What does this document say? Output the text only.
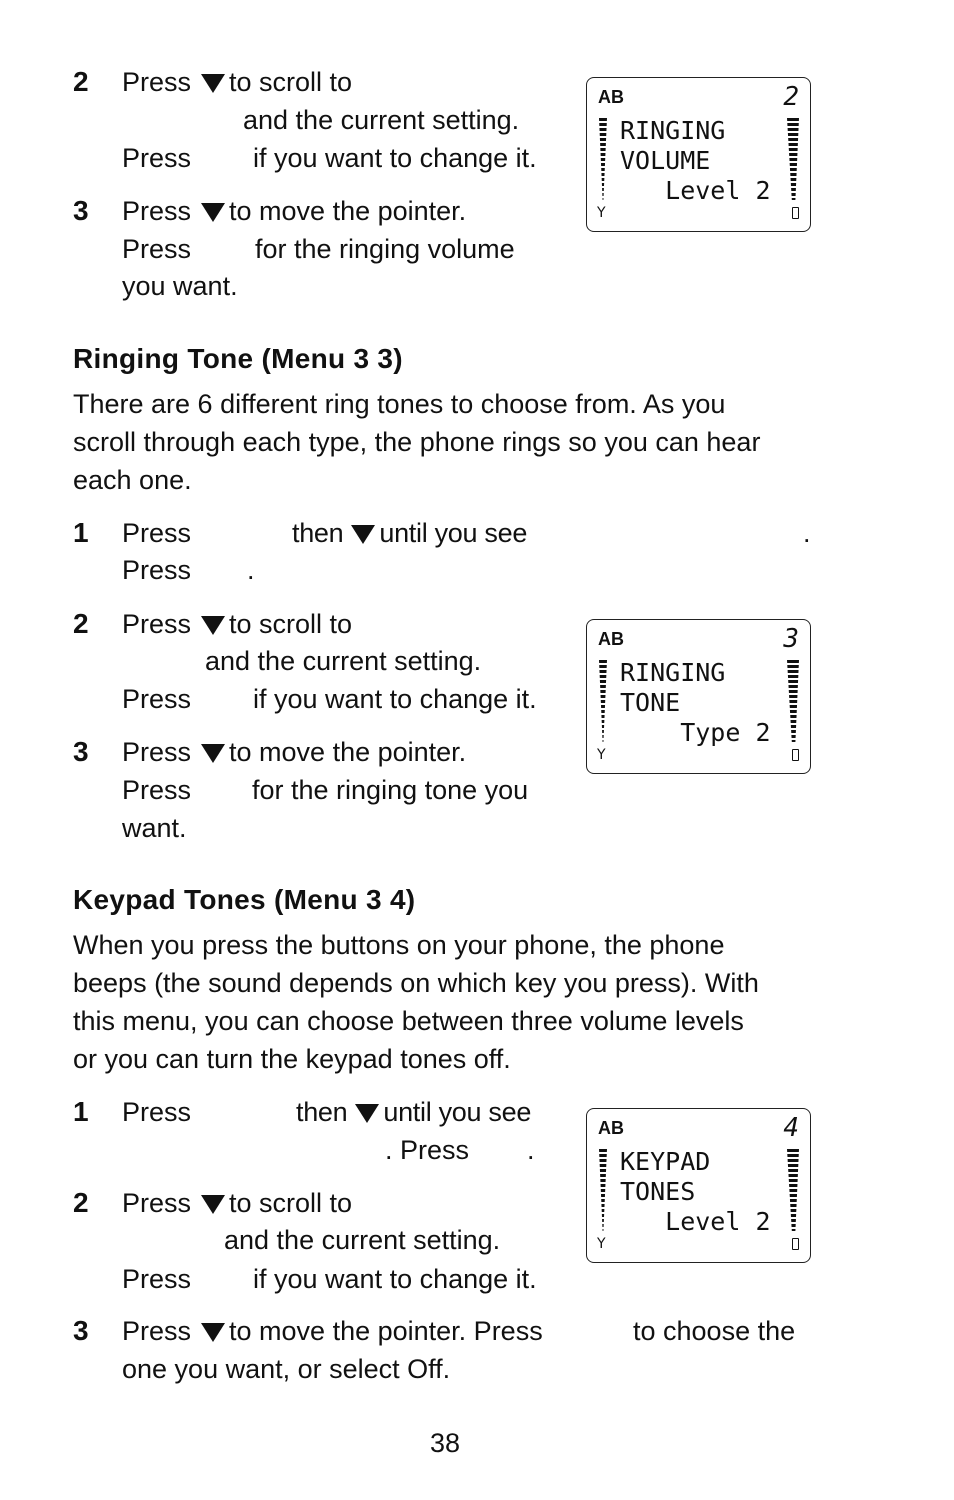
2 Press to scroll to
and the current setting.
Press if you want to change it.
3 Press to move the pointer.
Press for the ringing volume
you want.
AB	2
RINGING
VOLUME
Level 2
Y
Ringing Tone (Menu 3 3)
There are 6 different ring tones to choose from. As you
scroll through each type, the phone rings so you can hear
each one.
1 Press	then until you see	.
Press .
2 Press to scroll to
and the current setting.
Press if you want to change it.
3 Press to move the pointer.
Press for the ringing tone you
want.
AB	3
RINGING
TONE
Type 2
Y
Keypad Tones (Menu 3 4)
When you press the buttons on your phone, the phone
beeps (the sound depends on which key you press). With
this menu, you can choose between three volume levels
or you can turn the keypad tones off.
1 Press	then until you see
. Press .
2 Press to scroll to
and the current setting.
Press if you want to change it.
3 Press to move the pointer. Press	to choose the
one you want, or select Off.
AB	4
KEYPAD
TONES
Level 2
Y
38
